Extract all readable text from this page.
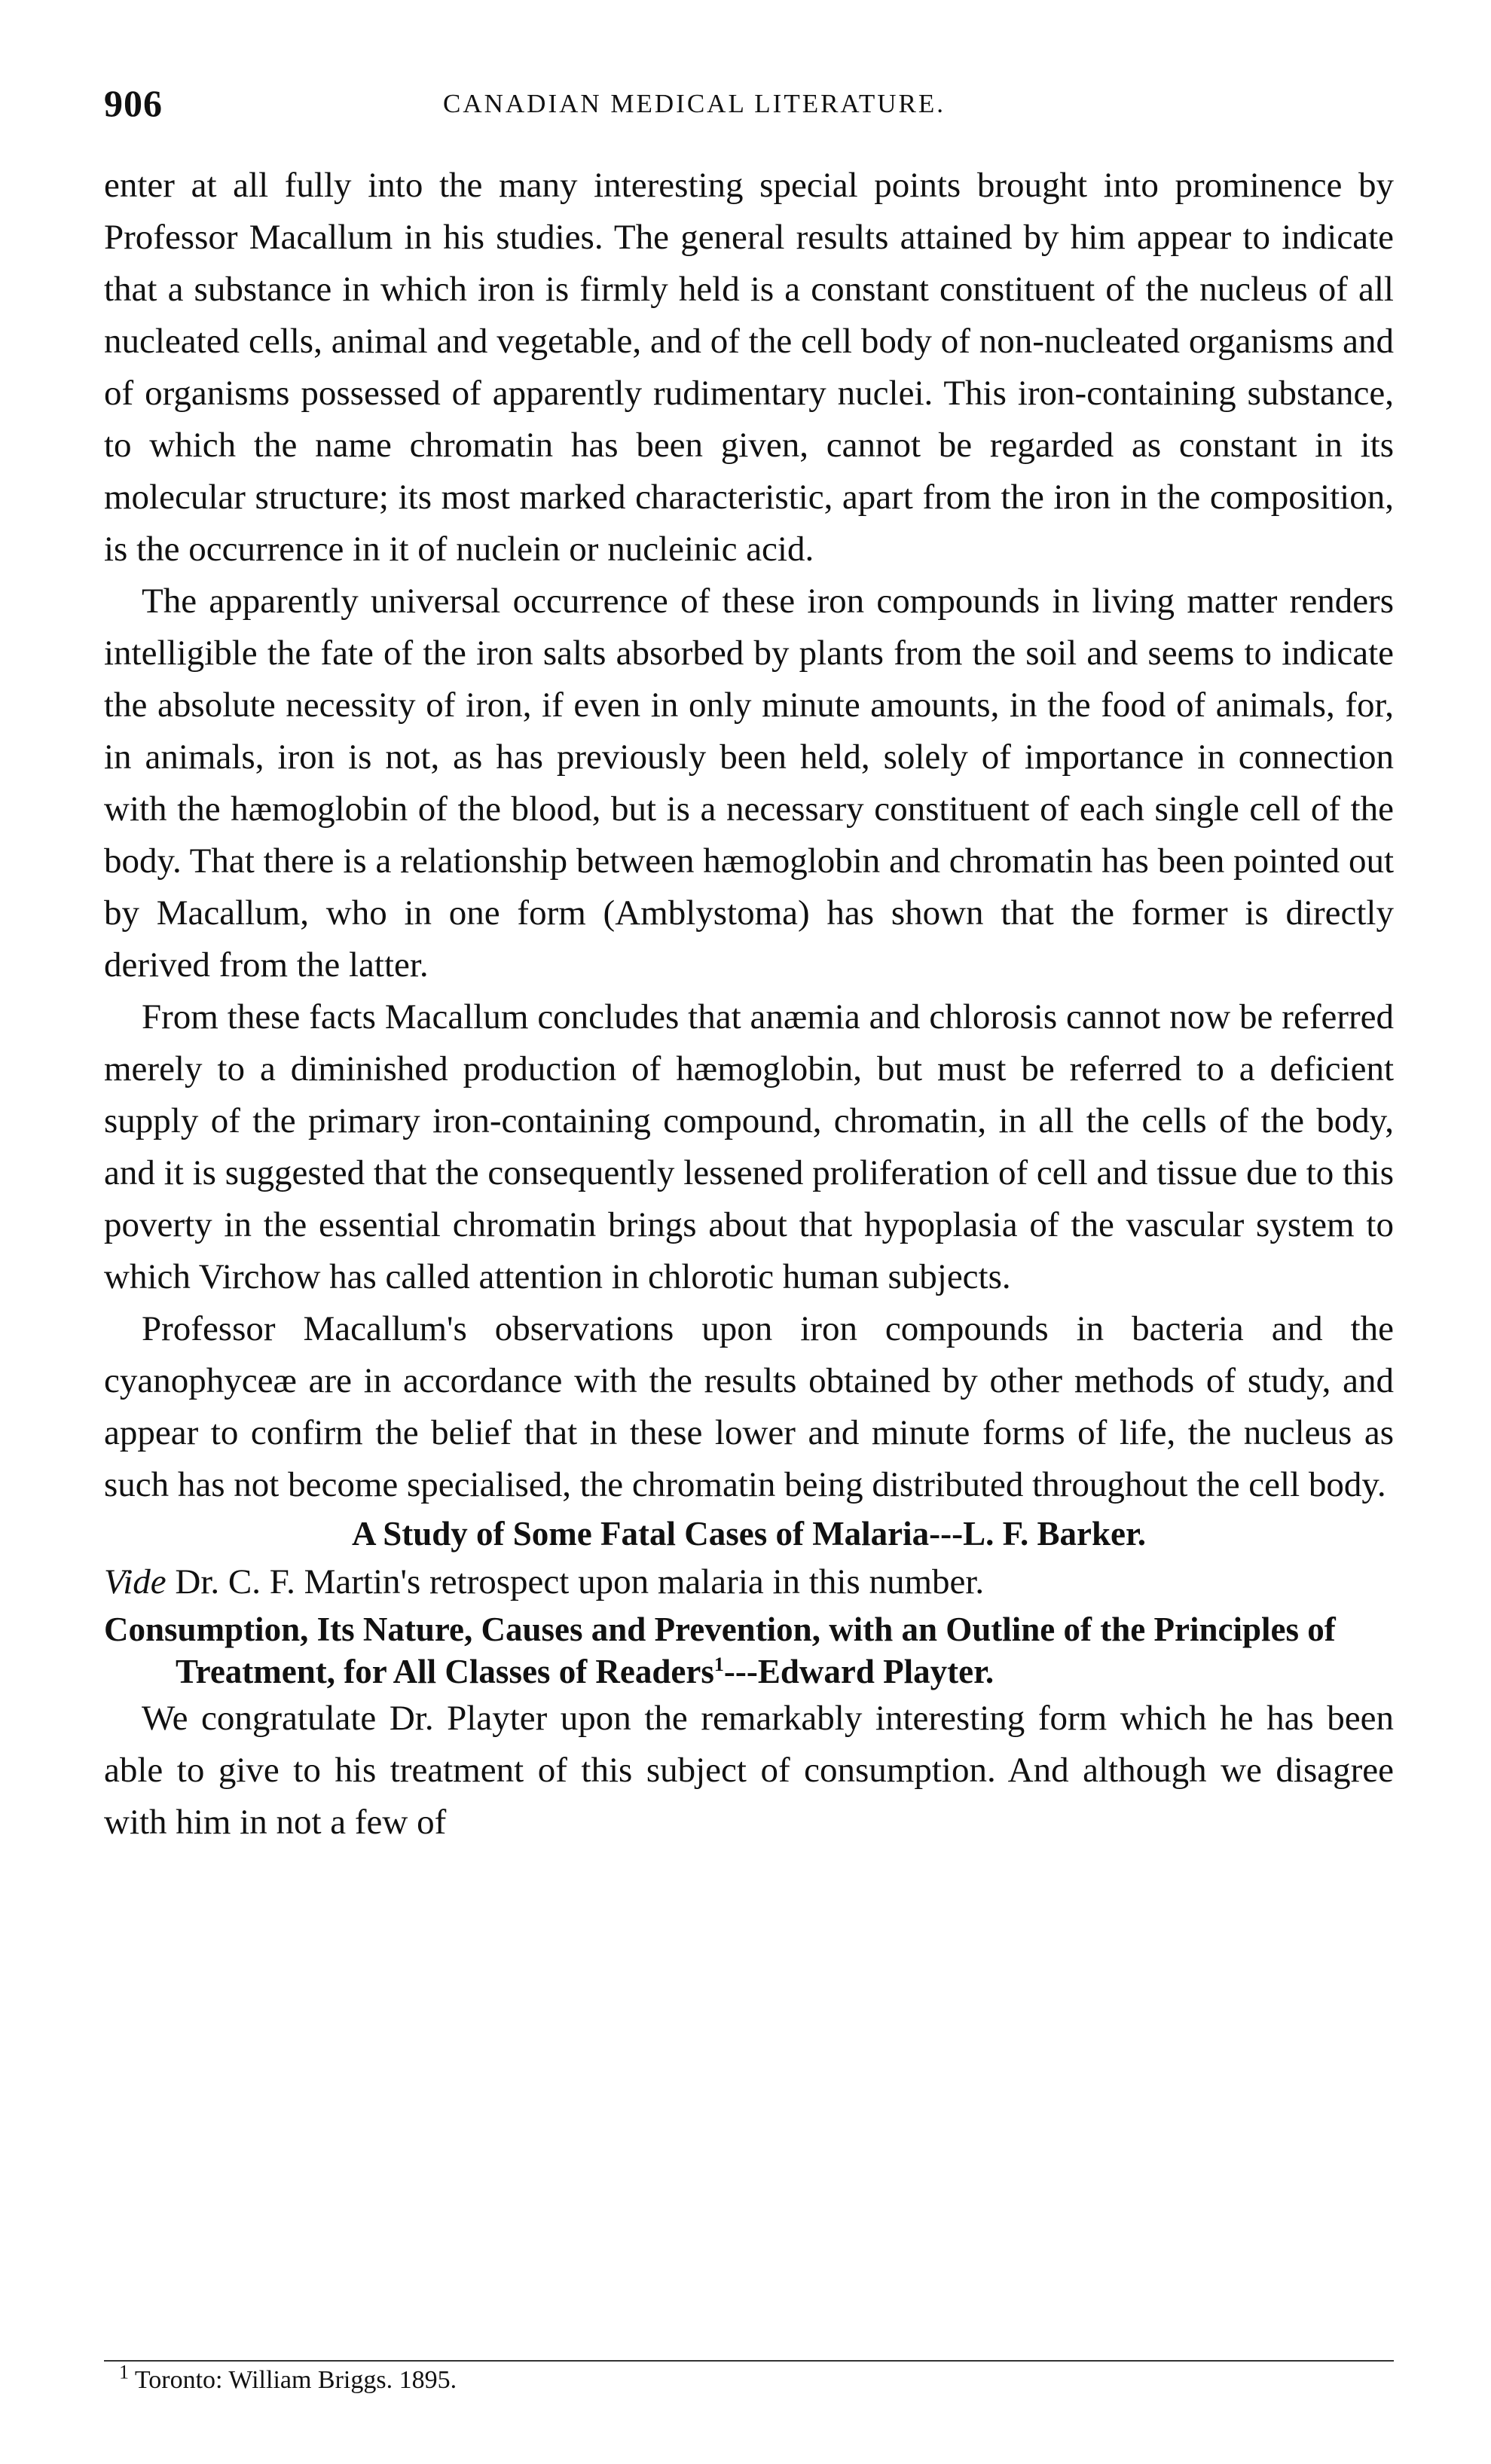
906	CANADIAN MEDICAL LITERATURE.

enter at all fully into the many interesting special points brought into prominence by Professor Macallum in his studies. The general results attained by him appear to indicate that a substance in which iron is firmly held is a constant constituent of the nucleus of all nucleated cells, animal and vegetable, and of the cell body of non-nucleated organisms and of organisms possessed of apparently rudimentary nuclei. This iron-containing substance, to which the name chromatin has been given, cannot be regarded as constant in its molecular structure; its most marked characteristic, apart from the iron in the composition, is the occurrence in it of nuclein or nucleinic acid.

The apparently universal occurrence of these iron compounds in living matter renders intelligible the fate of the iron salts absorbed by plants from the soil and seems to indicate the absolute necessity of iron, if even in only minute amounts, in the food of animals, for, in animals, iron is not, as has previously been held, solely of importance in connection with the hæmoglobin of the blood, but is a necessary constituent of each single cell of the body. That there is a relationship between hæmoglobin and chromatin has been pointed out by Macallum, who in one form (Amblystoma) has shown that the former is directly derived from the latter.

From these facts Macallum concludes that anæmia and chlorosis cannot now be referred merely to a diminished production of hæmoglobin, but must be referred to a deficient supply of the primary iron-containing compound, chromatin, in all the cells of the body, and it is suggested that the consequently lessened proliferation of cell and tissue due to this poverty in the essential chromatin brings about that hypoplasia of the vascular system to which Virchow has called attention in chlorotic human subjects.

Professor Macallum's observations upon iron compounds in bacteria and the cyanophyceæ are in accordance with the results obtained by other methods of study, and appear to confirm the belief that in these lower and minute forms of life, the nucleus as such has not become specialised, the chromatin being distributed throughout the cell body.

A Study of Some Fatal Cases of Malaria---L. F. Barker.

Vide Dr. C. F. Martin's retrospect upon malaria in this number.

Consumption, Its Nature, Causes and Prevention, with an Outline of the Principles of Treatment, for All Classes of Readers$^1$---Edward Playter.

We congratulate Dr. Playter upon the remarkably interesting form which he has been able to give to his treatment of this subject of consumption. And although we disagree with him in not a few of

$^1$ Toronto: William Briggs. 1895.
